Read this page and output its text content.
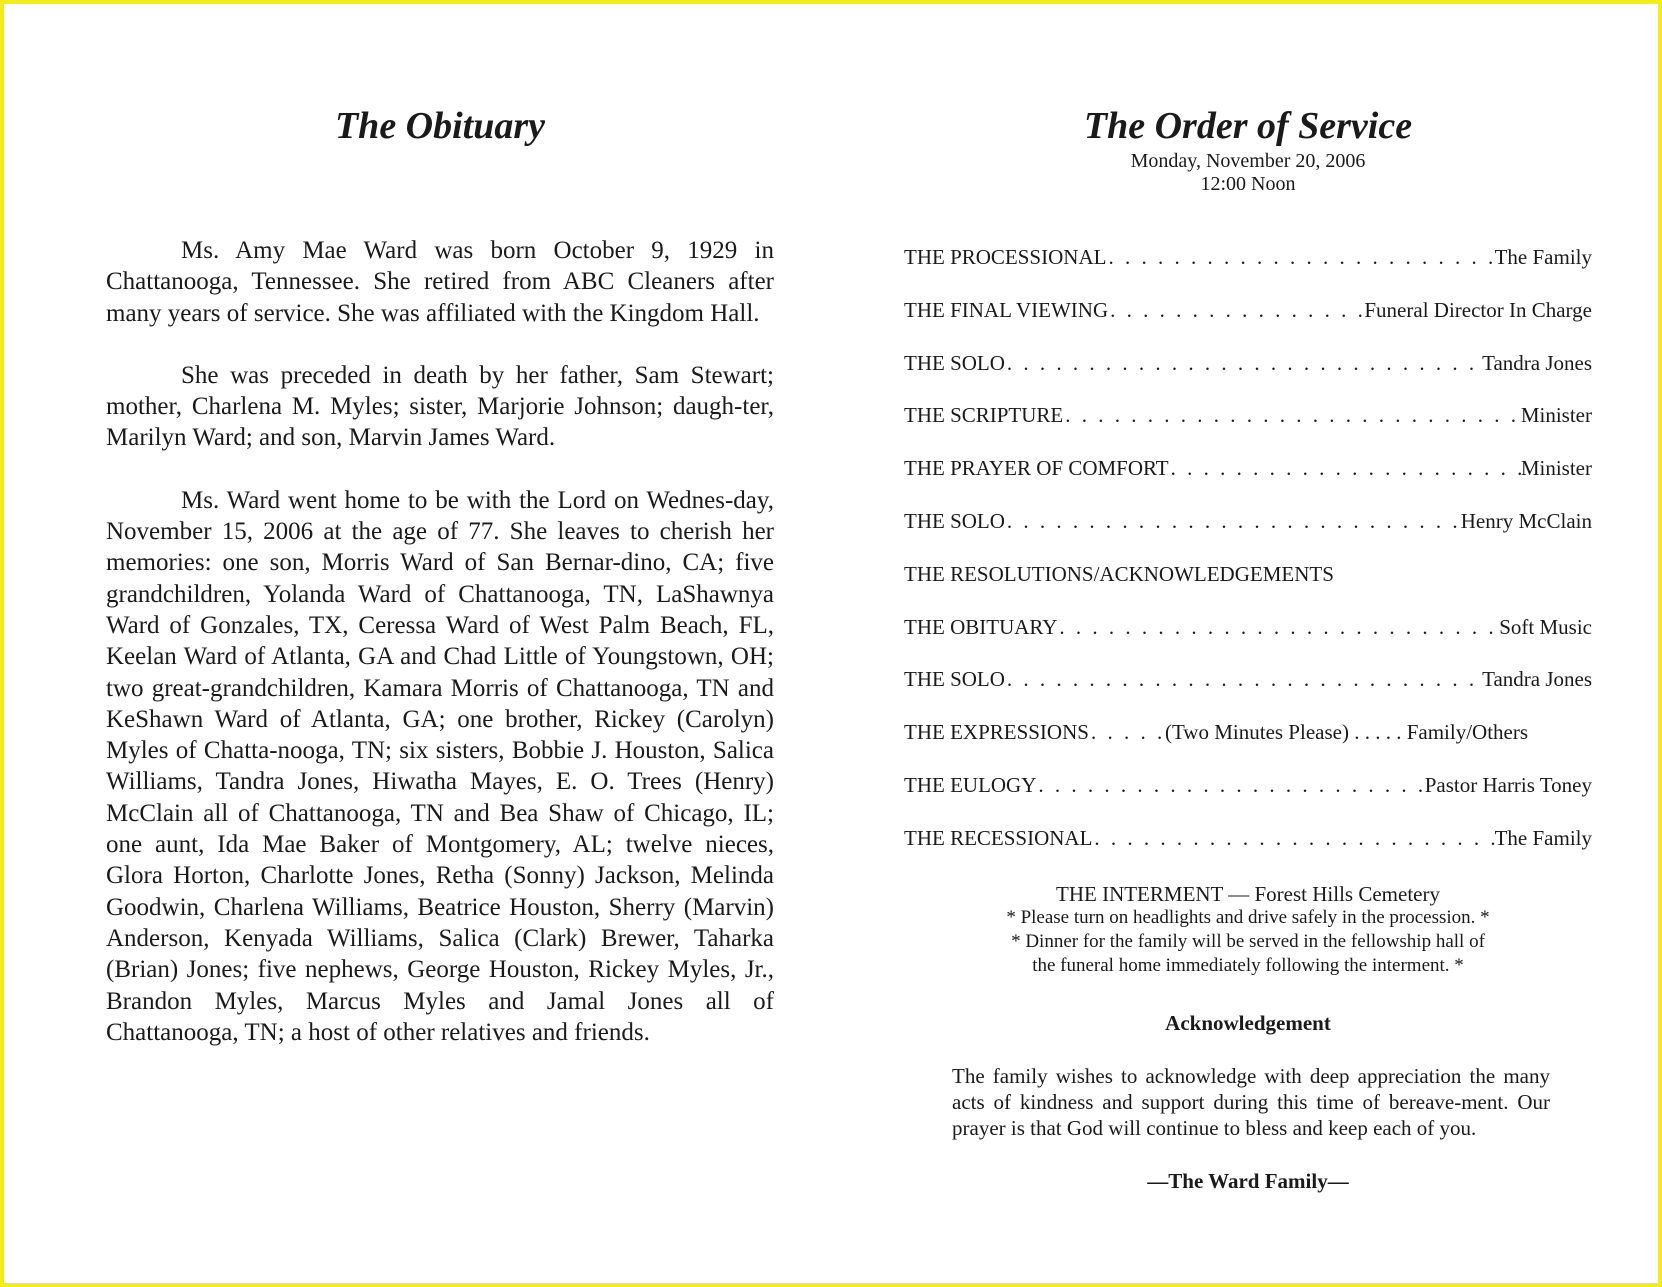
The Obituary

Ms. Amy Mae Ward was born October 9, 1929 in Chattanooga, Tennessee. She retired from ABC Cleaners after many years of service. She was affiliated with the Kingdom Hall.

She was preceded in death by her father, Sam Stewart; mother, Charlena M. Myles; sister, Marjorie Johnson; daugh-ter, Marilyn Ward; and son, Marvin James Ward.

Ms. Ward went home to be with the Lord on Wednes-day, November 15, 2006 at the age of 77. She leaves to cherish her memories: one son, Morris Ward of San Bernar-dino, CA; five grandchildren, Yolanda Ward of Chattanooga, TN, LaShawnya Ward of Gonzales, TX, Ceressa Ward of West Palm Beach, FL, Keelan Ward of Atlanta, GA and Chad Little of Youngstown, OH; two great-grandchildren, Kamara Morris of Chattanooga, TN and KeShawn Ward of Atlanta, GA; one brother, Rickey (Carolyn) Myles of Chatta-nooga, TN; six sisters, Bobbie J. Houston, Salica Williams, Tandra Jones, Hiwatha Mayes, E. O. Trees (Henry) McClain all of Chattanooga, TN and Bea Shaw of Chicago, IL; one aunt, Ida Mae Baker of Montgomery, AL; twelve nieces, Glora Horton, Charlotte Jones, Retha (Sonny) Jackson, Melinda Goodwin, Charlena Williams, Beatrice Houston, Sherry (Marvin) Anderson, Kenyada Williams, Salica (Clark) Brewer, Taharka (Brian) Jones; five nephews, George Houston, Rickey Myles, Jr., Brandon Myles, Marcus Myles and Jamal Jones all of Chattanooga, TN; a host of other relatives and friends.

The Order of Service
Monday, November 20, 2006
12:00 Noon
THE PROCESSIONAL . . .	The Family
THE FINAL VIEWING . . .	Funeral Director In Charge
THE SOLO . . .	Tandra Jones
THE SCRIPTURE . . .	Minister
THE PRAYER OF COMFORT . . .	Minister
THE SOLO . . .	Henry McClain
THE RESOLUTIONS/ACKNOWLEDGEMENTS
THE OBITUARY . . .	Soft Music
THE SOLO . . .	Tandra Jones
THE EXPRESSIONS . . .	(Two Minutes Please) . . . . . Family/Others
THE EULOGY . . .	Pastor Harris Toney
THE RECESSIONAL . . .	The Family
THE INTERMENT — Forest Hills Cemetery
* Please turn on headlights and drive safely in the procession. *
* Dinner for the family will be served in the fellowship hall of
the funeral home immediately following the interment. *
Acknowledgement

The family wishes to acknowledge with deep appreciation the many acts of kindness and support during this time of bereave-ment. Our prayer is that God will continue to bless and keep each of you.

—The Ward Family—
